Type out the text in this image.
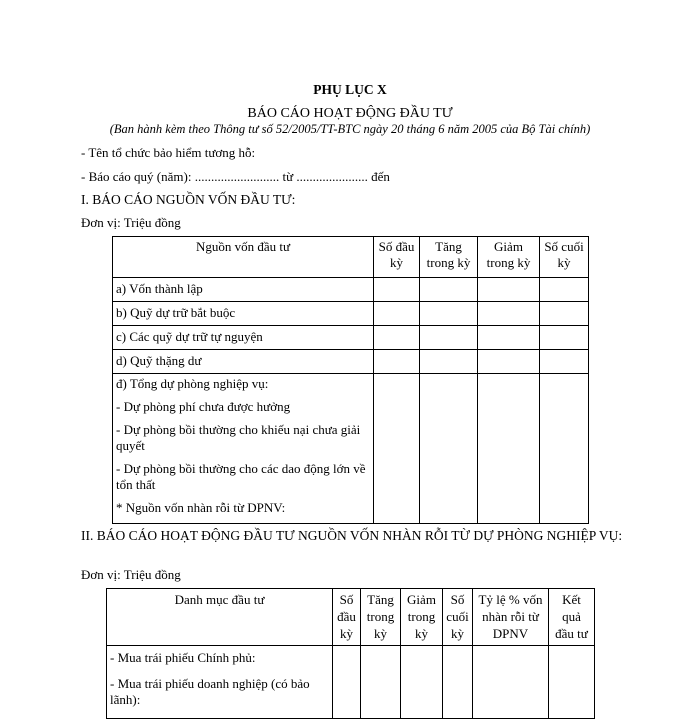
PHỤ LỤC X
BÁO CÁO HOẠT ĐỘNG ĐẦU TƯ
(Ban hành kèm theo Thông tư số 52/2005/TT-BTC ngày 20 tháng 6 năm 2005 của Bộ Tài chính)
- Tên tổ chức bảo hiểm tương hỗ:
- Báo cáo quý (năm): .......................... từ ...................... đến
I. BÁO CÁO NGUỒN VỐN ĐẦU TƯ:
Đơn vị: Triệu đồng
Nguồn vốn đầu tư	Số đầu kỳ	Tăng trong kỳ	Giảm trong kỳ	Số cuối kỳ
a) Vốn thành lập				
b) Quỹ dự trữ bắt buộc				
c) Các quỹ dự trữ tự nguyện				
d) Quỹ thặng dư				

đ) Tổng dự phòng nghiệp vụ:
- Dự phòng phí chưa được hưởng
- Dự phòng bồi thường cho khiếu nại chưa giải quyết
- Dự phòng bồi thường cho các dao động lớn về tổn thất
* Nguồn vốn nhàn rỗi từ DPNV:				

II. BÁO CÁO HOẠT ĐỘNG ĐẦU TƯ NGUỒN VỐN NHÀN RỖI TỪ DỰ PHÒNG NGHIỆP VỤ:
Đơn vị: Triệu đồng
Danh mục đầu tư	Số đầu kỳ	Tăng trong kỳ	Giảm trong kỳ	Số cuối kỳ	Tỷ lệ % vốn nhàn rỗi từ DPNV	Kết quả đầu tư

- Mua trái phiếu Chính phủ:
- Mua trái phiếu doanh nghiệp (có bảo lãnh):						
